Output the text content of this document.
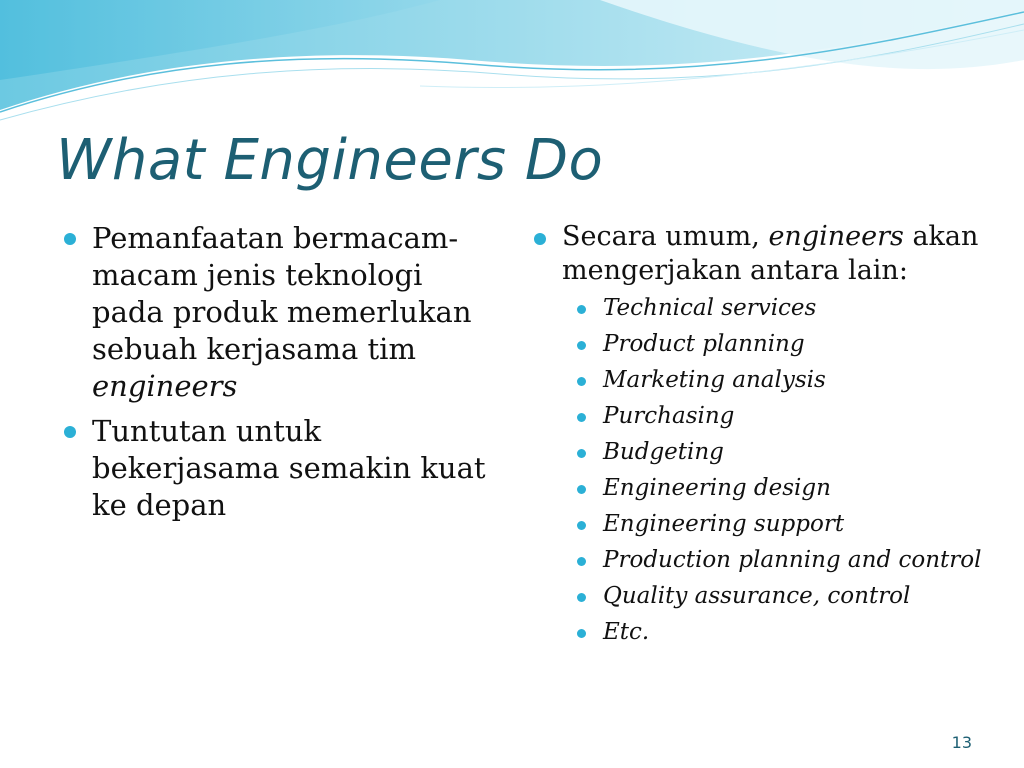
What Engineers Do
Pemanfaatan bermacam-macam jenis teknologi pada produk memerlukan sebuah kerjasama tim engineers
Tuntutan untuk bekerjasama semakin kuat ke depan
Secara umum, engineers akan mengerjakan antara lain:
Technical services
Product planning
Marketing analysis
Purchasing
Budgeting
Engineering design
Engineering support
Production planning and control
Quality assurance, control
Etc.
13
